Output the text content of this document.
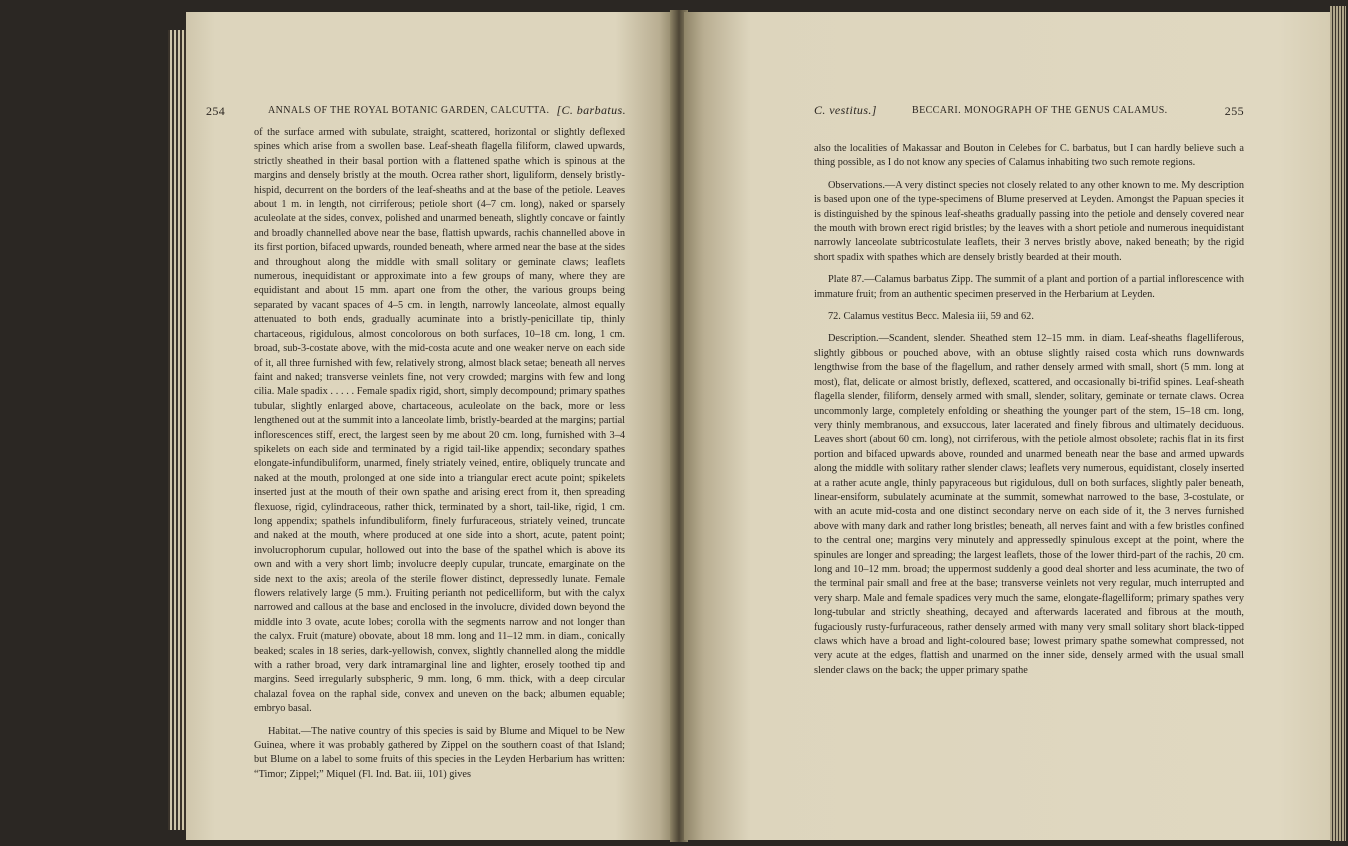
254	ANNALS OF THE ROYAL BOTANIC GARDEN, CALCUTTA. [C. barbatus.

of the surface armed with subulate, straight, scattered, horizontal or slightly deflexed spines which arise from a swollen base. Leaf-sheath flagella filiform, clawed upwards, strictly sheathed in their basal portion with a flattened spathe which is spinous at the margins and densely bristly at the mouth. Ocrea rather short, liguliform, densely bristly-hispid, decurrent on the borders of the leaf-sheaths and at the base of the petiole. Leaves about 1 m. in length, not cirriferous; petiole short (4–7 cm. long), naked or sparsely aculeolate at the sides, convex, polished and unarmed beneath, slightly concave or faintly and broadly channelled above near the base, flattish upwards, rachis channelled above in its first portion, bifaced upwards, rounded beneath, where armed near the base at the sides and throughout along the middle with small solitary or geminate claws; leaflets numerous, inequidistant or approximate into a few groups of many, where they are equidistant and about 15 mm. apart one from the other, the various groups being separated by vacant spaces of 4–5 cm. in length, narrowly lanceolate, almost equally attenuated to both ends, gradually acuminate into a bristly-penicillate tip, thinly chartaceous, rigidulous, almost concolorous on both surfaces, 10–18 cm. long, 1 cm. broad, sub-3-costate above, with the mid-costa acute and one weaker nerve on each side of it, all three furnished with few, relatively strong, almost black setae; beneath all nerves faint and naked; transverse veinlets fine, not very crowded; margins with few and long cilia. Male spadix . . . . . Female spadix rigid, short, simply decompound; primary spathes tubular, slightly enlarged above, chartaceous, aculeolate on the back, more or less lengthened out at the summit into a lanceolate limb, bristly-bearded at the margins; partial inflorescences stiff, erect, the largest seen by me about 20 cm. long, furnished with 3–4 spikelets on each side and terminated by a rigid tail-like appendix; secondary spathes elongate-infundibuliform, unarmed, finely striately veined, entire, obliquely truncate and naked at the mouth, prolonged at one side into a triangular erect acute point; spikelets inserted just at the mouth of their own spathe and arising erect from it, then spreading flexuose, rigid, cylindraceous, rather thick, terminated by a short, tail-like, rigid, 1 cm. long appendix; spathels infundibuliform, finely furfuraceous, striately veined, truncate and naked at the mouth, where produced at one side into a short, acute, patent point; involucrophorum cupular, hollowed out into the base of the spathel which is above its own and with a very short limb; involucre deeply cupular, truncate, emarginate on the side next to the axis; areola of the sterile flower distinct, depressedly lunate. Female flowers relatively large (5 mm.). Fruiting perianth not pedicelliform, but with the calyx narrowed and callous at the base and enclosed in the involucre, divided down beyond the middle into 3 ovate, acute lobes; corolla with the segments narrow and not longer than the calyx. Fruit (mature) obovate, about 18 mm. long and 11–12 mm. in diam., conically beaked; scales in 18 series, dark-yellowish, convex, slightly channelled along the middle with a rather broad, very dark intramarginal line and lighter, erosely toothed tip and margins. Seed irregularly subspheric, 9 mm. long, 6 mm. thick, with a deep circular chalazal fovea on the raphal side, convex and uneven on the back; albumen equable; embryo basal.

Habitat.—The native country of this species is said by Blume and Miquel to be New Guinea, where it was probably gathered by Zippel on the southern coast of that Island; but Blume on a label to some fruits of this species in the Leyden Herbarium has written: “Timor; Zippel;” Miquel (Fl. Ind. Bat. iii, 101) gives

C. vestitus.]	BECCARI. MONOGRAPH OF THE GENUS CALAMUS.	255

also the localities of Makassar and Bouton in Celebes for C. barbatus, but I can hardly believe such a thing possible, as I do not know any species of Calamus inhabiting two such remote regions.

Observations.—A very distinct species not closely related to any other known to me. My description is based upon one of the type-specimens of Blume preserved at Leyden. Amongst the Papuan species it is distinguished by the spinous leaf-sheaths gradually passing into the petiole and densely covered near the mouth with brown erect rigid bristles; by the leaves with a short petiole and numerous inequidistant narrowly lanceolate subtricostulate leaflets, their 3 nerves bristly above, naked beneath; by the rigid short spadix with spathes which are densely bristly bearded at their mouth.

Plate 87.—Calamus barbatus Zipp. The summit of a plant and portion of a partial inflorescence with immature fruit; from an authentic specimen preserved in the Herbarium at Leyden.

72. Calamus vestitus Becc. Malesia iii, 59 and 62.

Description.—Scandent, slender. Sheathed stem 12–15 mm. in diam. Leaf-sheaths flagelliferous, slightly gibbous or pouched above, with an obtuse slightly raised costa which runs downwards lengthwise from the base of the flagellum, and rather densely armed with small, short (5 mm. long at most), flat, delicate or almost bristly, deflexed, scattered, and occasionally bi-trifid spines. Leaf-sheath flagella slender, filiform, densely armed with small, slender, solitary, geminate or ternate claws. Ocrea uncommonly large, completely enfolding or sheathing the younger part of the stem, 15–18 cm. long, very thinly membranous, and exsuccous, later lacerated and finely fibrous and ultimately deciduous. Leaves short (about 60 cm. long), not cirriferous, with the petiole almost obsolete; rachis flat in its first portion and bifaced upwards above, rounded and unarmed beneath near the base and armed upwards along the middle with solitary rather slender claws; leaflets very numerous, equidistant, closely inserted at a rather acute angle, thinly papyraceous but rigidulous, dull on both surfaces, slightly paler beneath, linear-ensiform, subulately acuminate at the summit, somewhat narrowed to the base, 3-costulate, or with an acute mid-costa and one distinct secondary nerve on each side of it, the 3 nerves furnished above with many dark and rather long bristles; beneath, all nerves faint and with a few bristles confined to the central one; margins very minutely and appressedly spinulous except at the point, where the spinules are longer and spreading; the largest leaflets, those of the lower third-part of the rachis, 20 cm. long and 10–12 mm. broad; the uppermost suddenly a good deal shorter and less acuminate, the two of the terminal pair small and free at the base; transverse veinlets not very regular, much interrupted and very sharp. Male and female spadices very much the same, elongate-flagelliform; primary spathes very long-tubular and strictly sheathing, decayed and afterwards lacerated and fibrous at the mouth, fugaciously rusty-furfuraceous, rather densely armed with many very small solitary short black-tipped claws which have a broad and light-coloured base; lowest primary spathe somewhat compressed, not very acute at the edges, flattish and unarmed on the inner side, densely armed with the usual small slender claws on the back; the upper primary spathe
